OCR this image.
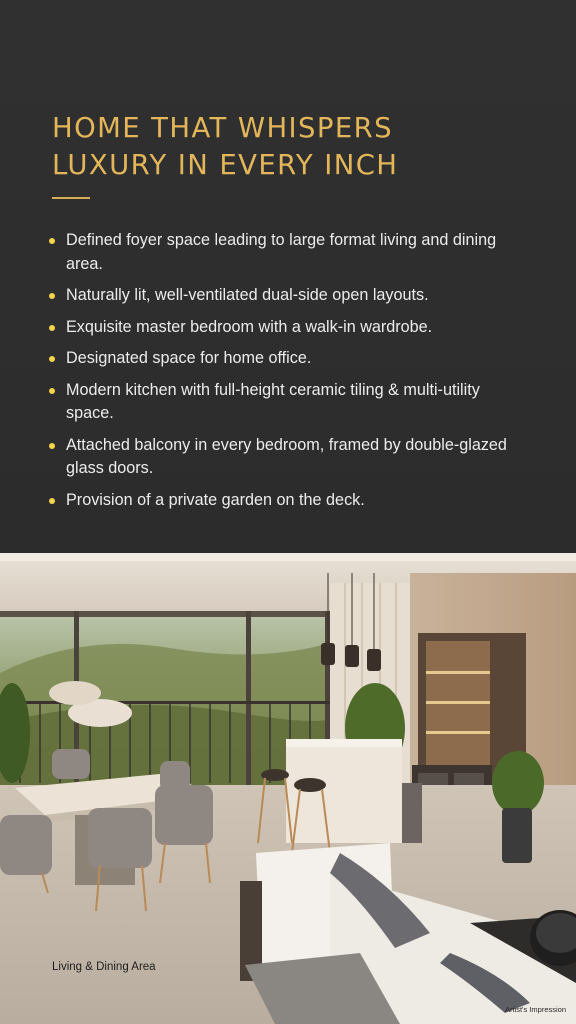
HOME THAT WHISPERS
LUXURY IN EVERY INCH
Defined foyer space leading to large format living and dining area.
Naturally lit, well-ventilated dual-side open layouts.
Exquisite master bedroom with a walk-in wardrobe.
Designated space for home office.
Modern kitchen with full-height ceramic tiling & multi-utility space.
Attached balcony in every bedroom, framed by double-glazed glass doors.
Provision of a private garden on the deck.
Living & Dining Area
Artist's Impression
